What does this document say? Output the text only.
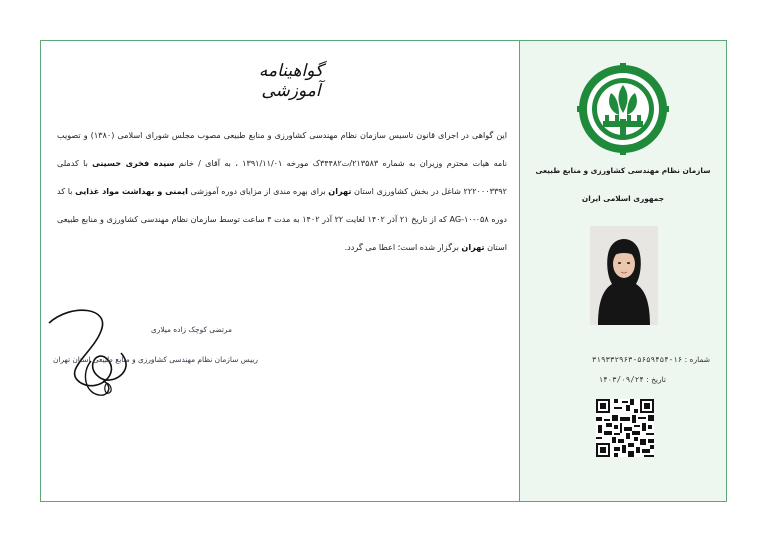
گواهینامه آموزشی
این گواهی در اجرای قانون تاسیس سازمان نظام مهندسی کشاورزی و منابع طبیعی مصوب مجلس شورای اسلامی (۱۳۸۰) و تصویب نامه هیات محترم وزیران به شماره ۲۱۳۵۸۳/ت۳۴۴۸۲ک مورخه ۱۳۹۱/۱۱/۰۱ ، به آقای / خانم سیده فخری حسینی با کدملی ۲۲۲۰۰۰۳۳۹۲ شاغل در بخش کشاورزی استان تهران برای بهره مندی از مزایای دوره آموزشی ایمنی و بهداشت مواد غذایی با کد دوره AG-۱۰-۰۵۸ که از تاریخ ۲۱ آذر ۱۴۰۲ لغایت ۲۲ آذر ۱۴۰۲ به مدت ۴ ساعت توسط سازمان نظام مهندسی کشاورزی و منابع طبیعی استان تهران برگزار شده است؛ اعطا می گردد.
مرتضی کوچک زاده میلاری
رییس سازمان نظام مهندسی کشاورزی و منابع طبیعی استان تهران
سازمان نظام مهندسی کشاورزی و منابع طبیعی
جمهوری اسلامی ایران
شماره : ۱۶-۵۶۵۹۴۵۴-۳۱۹۳۳۲۹۶۳
تاریخ : ۱۴۰۳/۰۹/۲۴
